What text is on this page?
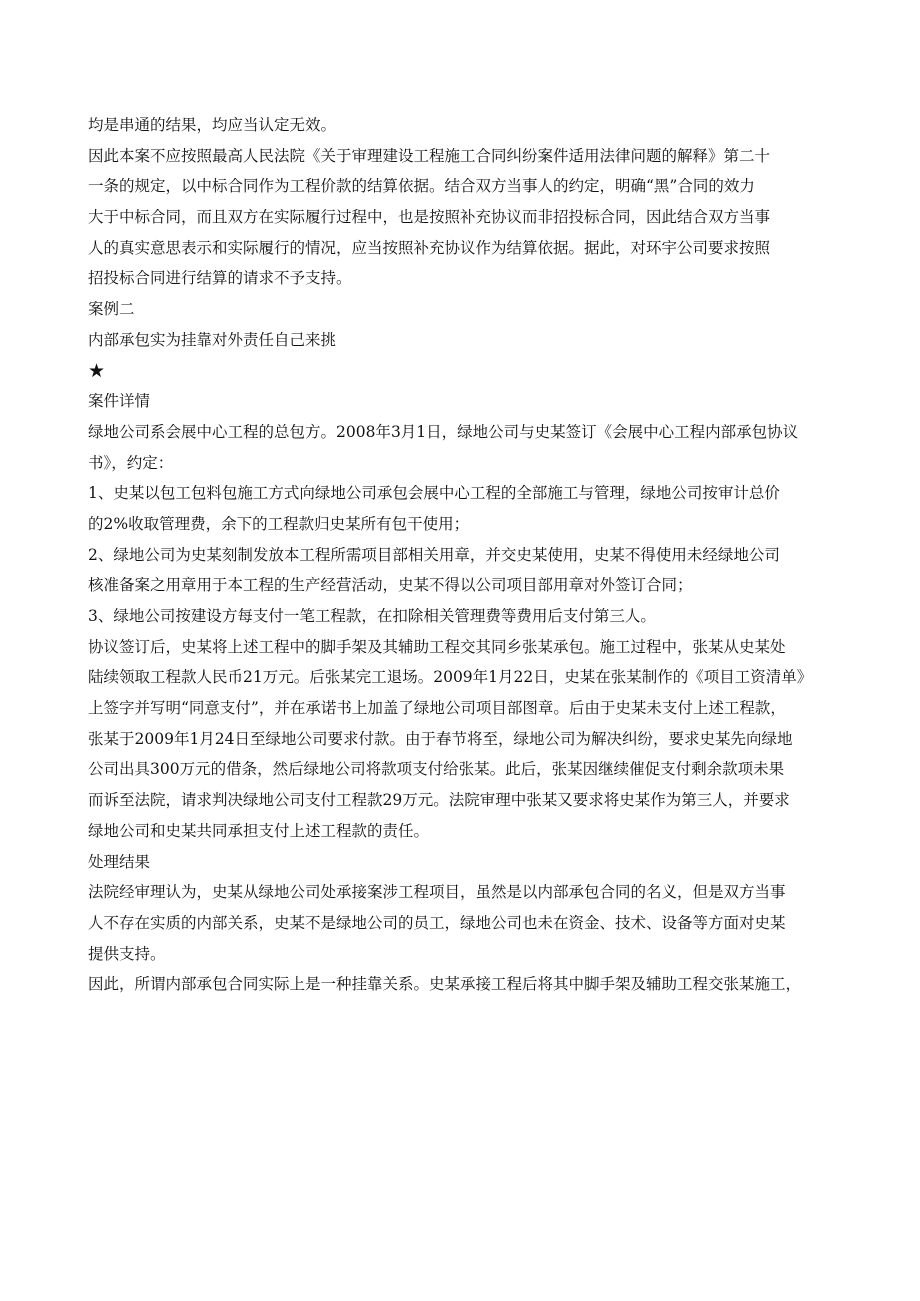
均是串通的结果，均应当认定无效。
因此本案不应按照最高人民法院《关于审理建设工程施工合同纠纷案件适用法律问题的解释》第二十
一条的规定，以中标合同作为工程价款的结算依据。结合双方当事人的约定，明确“黑”合同的效力
大于中标合同，而且双方在实际履行过程中，也是按照补充协议而非招投标合同，因此结合双方当事
人的真实意思表示和实际履行的情况，应当按照补充协议作为结算依据。据此，对环宇公司要求按照
招投标合同进行结算的请求不予支持。
案例二
内部承包实为挂靠对外责任自己来挑
★
案件详情
绿地公司系会展中心工程的总包方。2008年3月1日，绿地公司与史某签订《会展中心工程内部承包协议
书》，约定：
1、史某以包工包料包施工方式向绿地公司承包会展中心工程的全部施工与管理，绿地公司按审计总价
的2%收取管理费，余下的工程款归史某所有包干使用；
2、绿地公司为史某刻制发放本工程所需项目部相关用章，并交史某使用，史某不得使用未经绿地公司
核准备案之用章用于本工程的生产经营活动，史某不得以公司项目部用章对外签订合同；
3、绿地公司按建设方每支付一笔工程款，在扣除相关管理费等费用后支付第三人。
协议签订后，史某将上述工程中的脚手架及其辅助工程交其同乡张某承包。施工过程中，张某从史某处
陆续领取工程款人民币21万元。后张某完工退场。2009年1月22日，史某在张某制作的《项目工资清单》
上签字并写明“同意支付”，并在承诺书上加盖了绿地公司项目部图章。后由于史某未支付上述工程款，
张某于2009年1月24日至绿地公司要求付款。由于春节将至，绿地公司为解决纠纷，要求史某先向绿地
公司出具300万元的借条，然后绿地公司将款项支付给张某。此后，张某因继续催促支付剩余款项未果
而诉至法院，请求判决绿地公司支付工程款29万元。法院审理中张某又要求将史某作为第三人，并要求
绿地公司和史某共同承担支付上述工程款的责任。
处理结果
法院经审理认为，史某从绿地公司处承接案涉工程项目，虽然是以内部承包合同的名义，但是双方当事
人不存在实质的内部关系，史某不是绿地公司的员工，绿地公司也未在资金、技术、设备等方面对史某
提供支持。
因此，所谓内部承包合同实际上是一种挂靠关系。史某承接工程后将其中脚手架及辅助工程交张某施工，
